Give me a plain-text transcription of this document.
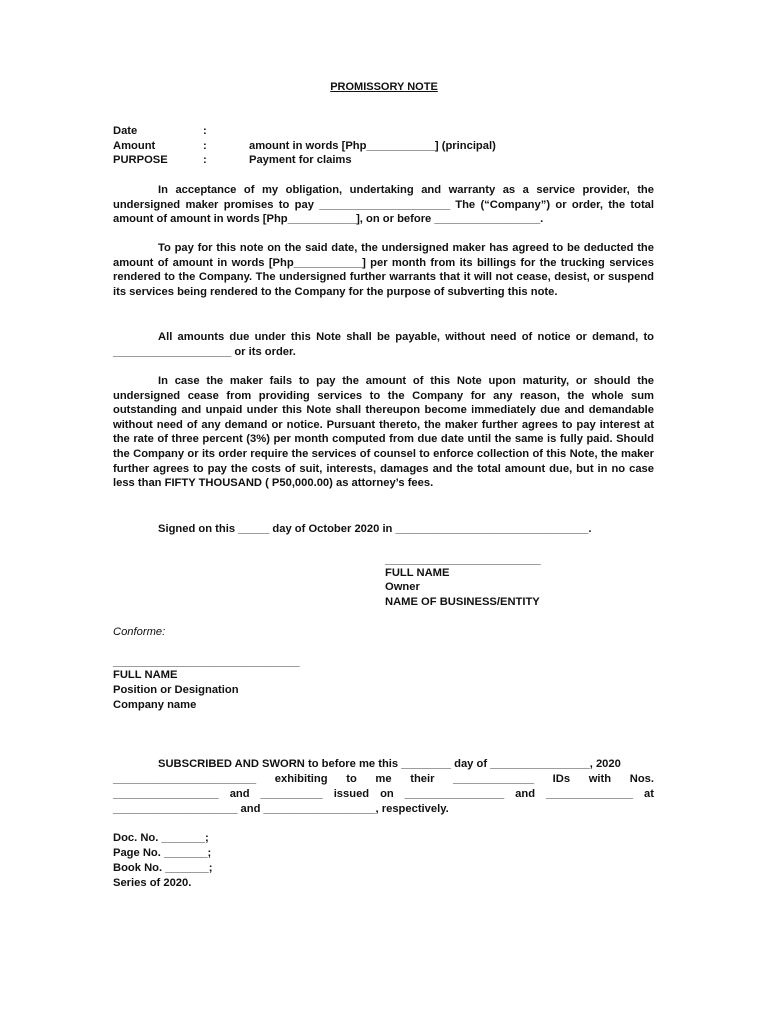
PROMISSORY NOTE
Date	:
Amount	:	amount in words [Php___________] (principal)
PURPOSE	:	Payment for claims

In acceptance of my obligation, undertaking and warranty as a service provider, the undersigned maker promises to pay _____________________ The (“Company”) or order, the total amount of amount in words [Php___________], on or before _________________.

To pay for this note on the said date, the undersigned maker has agreed to be deducted the amount of amount in words [Php___________] per month from its billings for the trucking services rendered to the Company. The undersigned further warrants that it will not cease, desist, or suspend its services being rendered to the Company for the purpose of subverting this note.

All amounts due under this Note shall be payable, without need of notice or demand, to ___________________ or its order.

In case the maker fails to pay the amount of this Note upon maturity, or should the undersigned cease from providing services to the Company for any reason, the whole sum outstanding and unpaid under this Note shall thereupon become immediately due and demandable without need of any demand or notice. Pursuant thereto, the maker further agrees to pay interest at the rate of three percent (3%) per month computed from due date until the same is fully paid. Should the Company or its order require the services of counsel to enforce collection of this Note, the maker further agrees to pay the costs of suit, interests, damages and the total amount due, but in no case less than FIFTY THOUSAND ( P50,000.00) as attorney’s fees.

Signed on this _____ day of October 2020 in _______________________________.
_________________________
FULL NAME
Owner
NAME OF BUSINESS/ENTITY
Conforme:
______________________________
FULL NAME
Position or Designation
Company name
SUBSCRIBED AND SWORN to before me this ________ day of ________________, 2020
_______________________ exhibiting to me their _____________ IDs with Nos.
_________________ and __________ issued on ________________ and ______________ at
____________________ and __________________, respectively.
Doc. No. _______;
Page No. _______;
Book No. _______;
Series of 2020.
